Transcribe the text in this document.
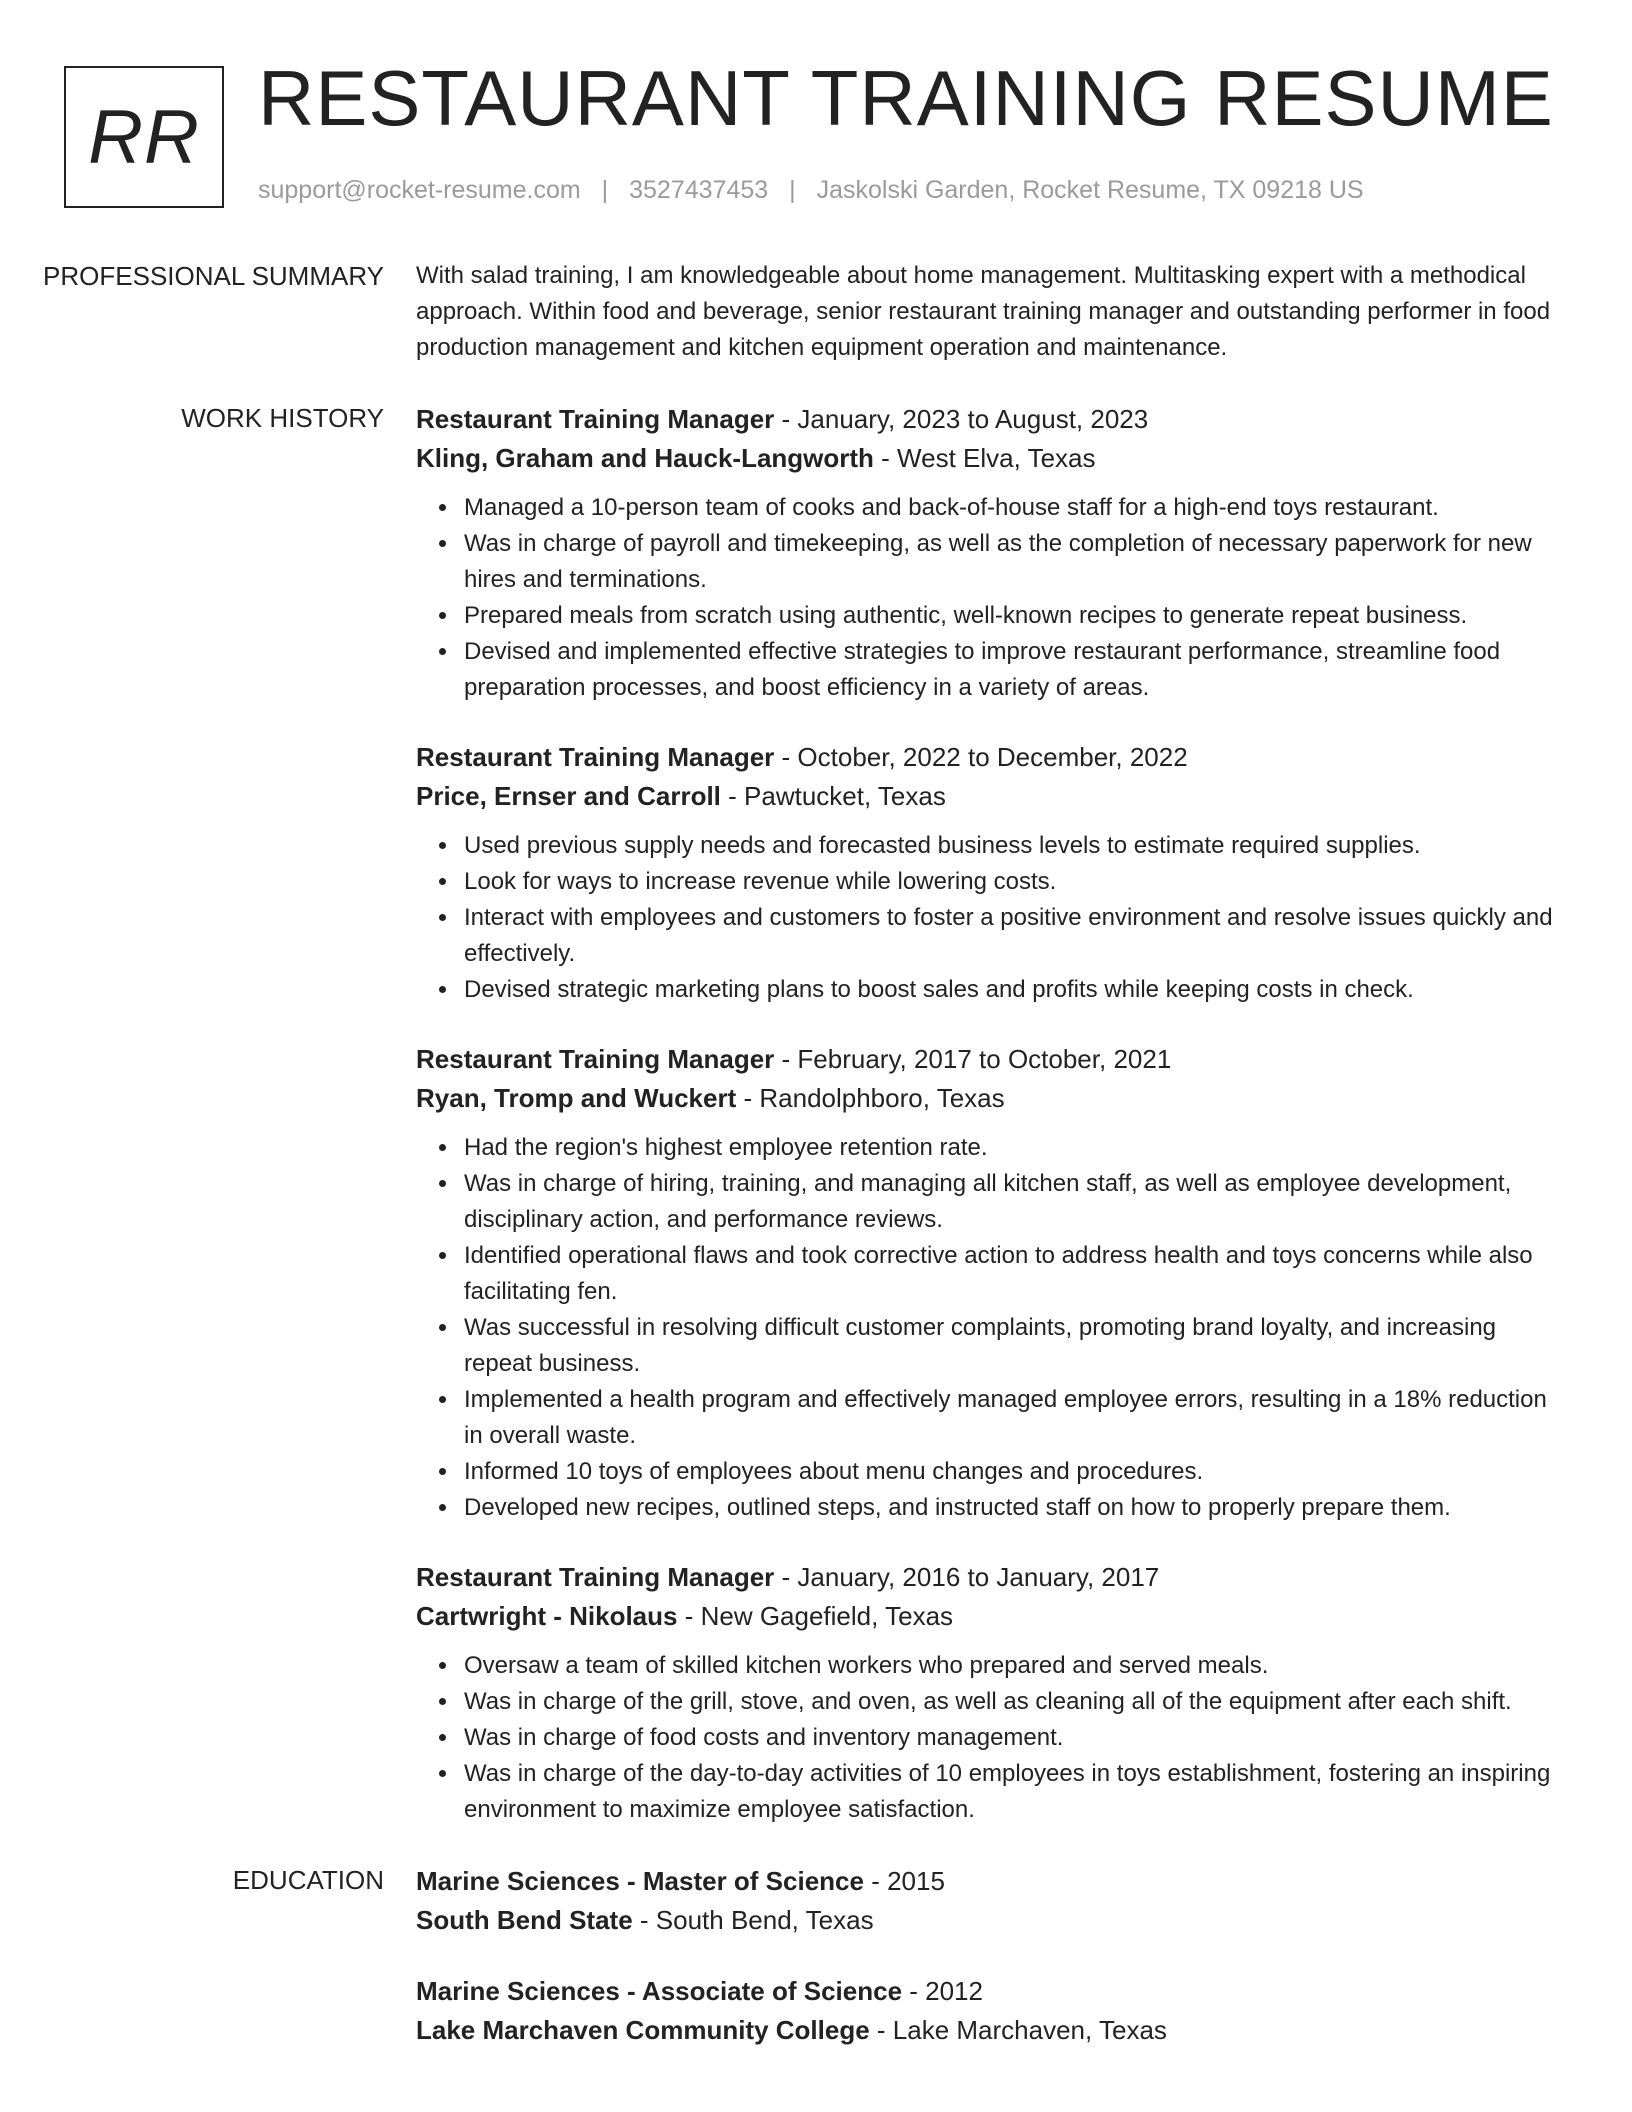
RR RESTAURANT TRAINING RESUME
support@rocket-resume.com | 3527437453 | Jaskolski Garden, Rocket Resume, TX 09218 US
PROFESSIONAL SUMMARY	With salad training, I am knowledgeable about home management. Multitasking expert with a methodical approach. Within food and beverage, senior restaurant training manager and outstanding performer in food production management and kitchen equipment operation and maintenance.
WORK HISTORY	Restaurant Training Manager - January, 2023 to August, 2023
Kling, Graham and Hauck-Langworth - West Elva, Texas
• Managed a 10-person team of cooks and back-of-house staff for a high-end toys restaurant.
• Was in charge of payroll and timekeeping, as well as the completion of necessary paperwork for new hires and terminations.
• Prepared meals from scratch using authentic, well-known recipes to generate repeat business.
• Devised and implemented effective strategies to improve restaurant performance, streamline food preparation processes, and boost efficiency in a variety of areas.
Restaurant Training Manager - October, 2022 to December, 2022
Price, Ernser and Carroll - Pawtucket, Texas
• Used previous supply needs and forecasted business levels to estimate required supplies.
• Look for ways to increase revenue while lowering costs.
• Interact with employees and customers to foster a positive environment and resolve issues quickly and effectively.
• Devised strategic marketing plans to boost sales and profits while keeping costs in check.
Restaurant Training Manager - February, 2017 to October, 2021
Ryan, Tromp and Wuckert - Randolphboro, Texas
• Had the region's highest employee retention rate.
• Was in charge of hiring, training, and managing all kitchen staff, as well as employee development, disciplinary action, and performance reviews.
• Identified operational flaws and took corrective action to address health and toys concerns while also facilitating fen.
• Was successful in resolving difficult customer complaints, promoting brand loyalty, and increasing repeat business.
• Implemented a health program and effectively managed employee errors, resulting in a 18% reduction in overall waste.
• Informed 10 toys of employees about menu changes and procedures.
• Developed new recipes, outlined steps, and instructed staff on how to properly prepare them.
Restaurant Training Manager - January, 2016 to January, 2017
Cartwright - Nikolaus - New Gagefield, Texas
• Oversaw a team of skilled kitchen workers who prepared and served meals.
• Was in charge of the grill, stove, and oven, as well as cleaning all of the equipment after each shift.
• Was in charge of food costs and inventory management.
• Was in charge of the day-to-day activities of 10 employees in toys establishment, fostering an inspiring environment to maximize employee satisfaction.
EDUCATION	Marine Sciences - Master of Science - 2015
South Bend State - South Bend, Texas
Marine Sciences - Associate of Science - 2012
Lake Marchaven Community College - Lake Marchaven, Texas
